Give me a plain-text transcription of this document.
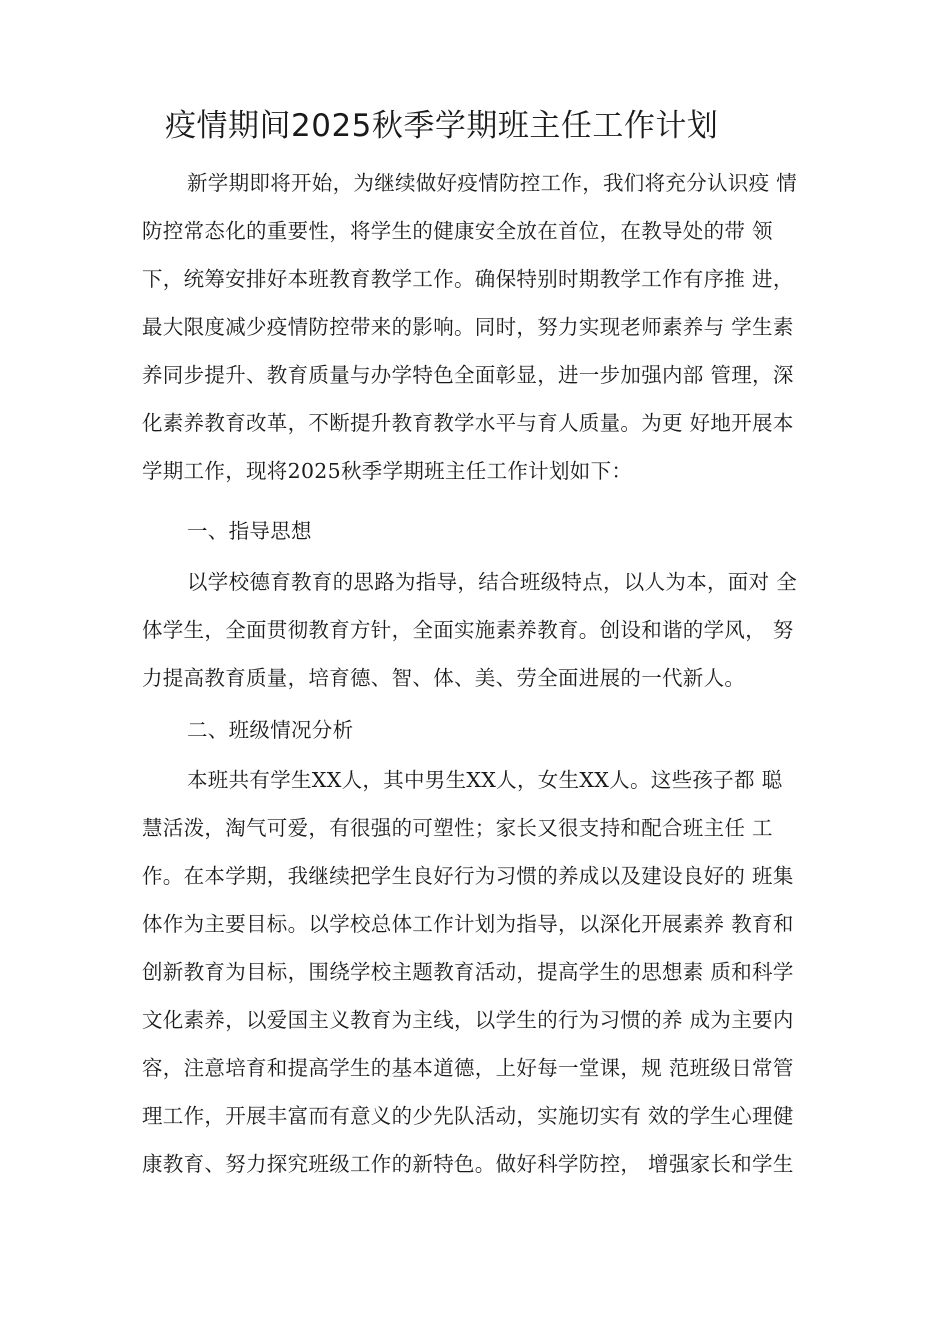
疫情期间2025秋季学期班主任工作计划
新学期即将开始，为继续做好疫情防控工作，我们将充分认识疫 情
防控常态化的重要性，将学生的健康安全放在首位，在教导处的带 领
下，统筹安排好本班教育教学工作。确保特别时期教学工作有序推 进，
最大限度减少疫情防控带来的影响。同时，努力实现老师素养与 学生素
养同步提升、教育质量与办学特色全面彰显，进一步加强内部 管理，深
化素养教育改革，不断提升教育教学水平与育人质量。为更 好地开展本
学期工作，现将2025秋季学期班主任工作计划如下：
一、指导思想
以学校德育教育的思路为指导，结合班级特点，以人为本，面对 全
体学生，全面贯彻教育方针，全面实施素养教育。创设和谐的学风， 努
力提高教育质量，培育德、智、体、美、劳全面进展的一代新人。
二、班级情况分析
本班共有学生XX人，其中男生XX人，女生XX人。这些孩子都 聪
慧活泼，淘气可爱，有很强的可塑性；家长又很支持和配合班主任 工
作。在本学期，我继续把学生良好行为习惯的养成以及建设良好的 班集
体作为主要目标。以学校总体工作计划为指导，以深化开展素养 教育和
创新教育为目标，围绕学校主题教育活动，提高学生的思想素 质和科学
文化素养，以爱国主义教育为主线，以学生的行为习惯的养 成为主要内
容，注意培育和提高学生的基本道德，上好每一堂课，规 范班级日常管
理工作，开展丰富而有意义的少先队活动，实施切实有 效的学生心理健
康教育、努力探究班级工作的新特色。做好科学防控， 增强家长和学生
